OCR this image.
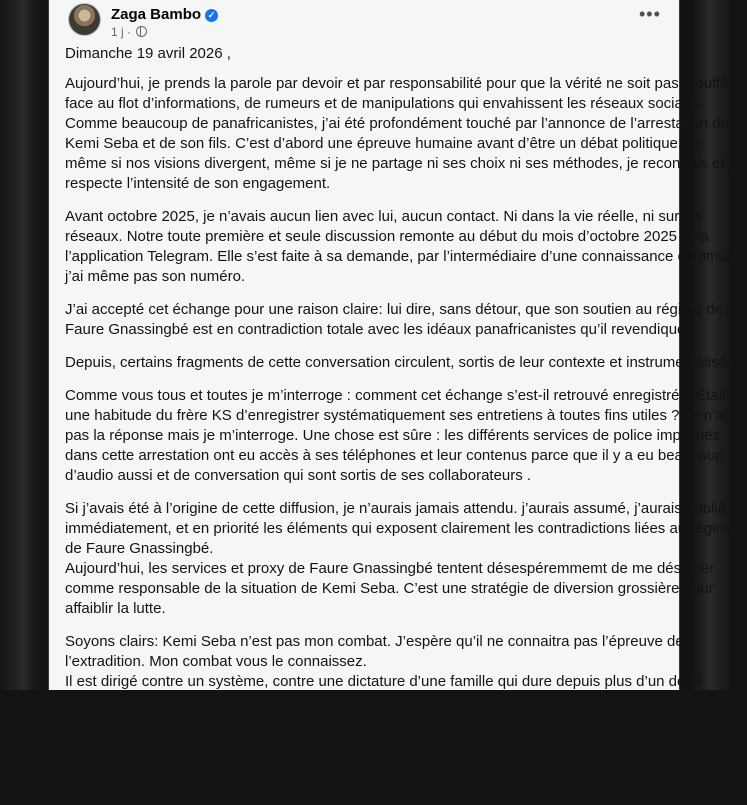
Zaga Bambo ✓
1 j ·
•••

Dimanche 19 avril 2026 ,

Aujourd’hui, je prends la parole par devoir et par responsabilité pour que la vérité ne soit pas étouffée

face au flot d’informations, de rumeurs et de manipulations qui envahissent les réseaux sociaux.

Comme beaucoup de panafricanistes, j’ai été profondément touché par l’annonce de l’arrestation de

Kemi Seba et de son fils. C’est d’abord une épreuve humaine avant d’être un débat politique. Et

même si nos visions divergent, même si je ne partage ni ses choix ni ses méthodes, je reconnais et je

respecte l’intensité de son engagement.

Avant octobre 2025, je n’avais aucun lien avec lui, aucun contact. Ni dans la vie réelle, ni sur les

réseaux. Notre toute première et seule discussion remonte au début du mois d’octobre 2025 , via

l’application Telegram. Elle s’est faite à sa demande, par l’intermédiaire d’une connaissance commune

j’ai même pas son numéro.

J’ai accepté cet échange pour une raison claire: lui dire, sans détour, que son soutien au régime de

Faure Gnassingbé est en contradiction totale avec les idéaux panafricanistes qu’il revendique.

Depuis, certains fragments de cette conversation circulent, sortis de leur contexte et instrumentalisés.

Comme vous tous et toutes je m’interroge : comment cet échange s’est-il retrouvé enregistré ? Était-ce

une habitude du frère KS d’enregistrer systématiquement ses entretiens à toutes fins utiles ? Je n’ai

pas la réponse mais je m’interroge. Une chose est sûre : les différents services de police impliqués

dans cette arrestation ont eu accès à ses téléphones et leur contenus parce que il y a eu beaucoup

d’audio aussi et de conversation qui sont sortis de ses collaborateurs .

Si j’avais été à l’origine de cette diffusion, je n’aurais jamais attendu. j’aurais assumé, j’aurais publié

immédiatement, et en priorité les éléments qui exposent clairement les contradictions liées au régime

de Faure Gnassingbé.

Aujourd’hui, les services et proxy de Faure Gnassingbé tentent désespéremmemt de me désigner

comme responsable de la situation de Kemi Seba. C’est une stratégie de diversion grossière pour

affaiblir la lutte.

Soyons clairs: Kemi Seba n’est pas mon combat. J’espère qu’il ne connaitra pas l’épreuve de

l’extradition. Mon combat vous le connaissez.

Il est dirigé contre un système, contre une dictature d’une famille qui dure depuis plus d’un demi-

siècle.

Avec mes frères et soeurs avec les militants du M66, avec tous les Togolais épris de justice et de

dignité, je mets toute mon énergie dans un seul objectif: mettre fin au régime de Faure Gnassingbé

parce que les Togolais méritent mieux.

Zaga Bambo
